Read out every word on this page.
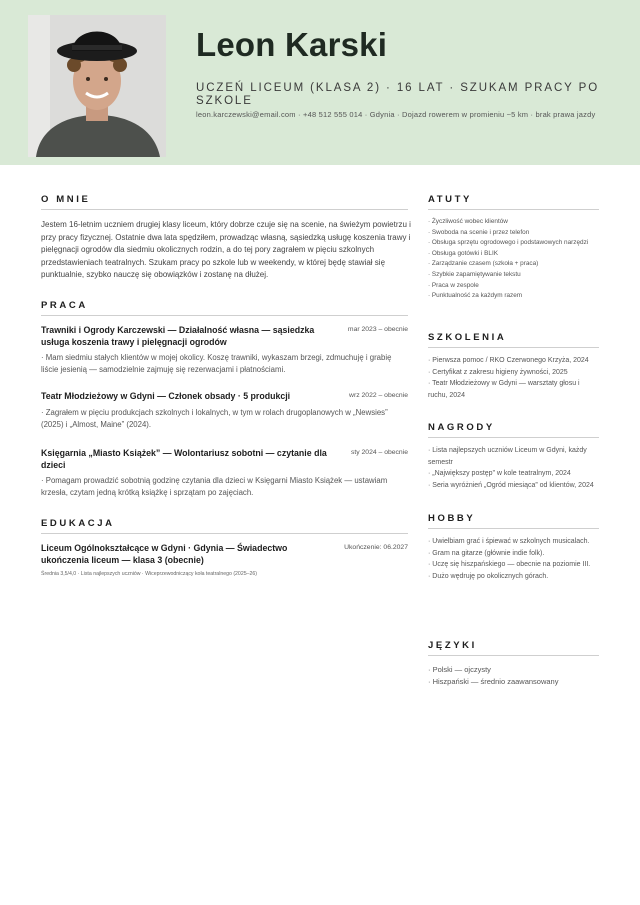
Leon Karski
UCZEŃ LICEUM (KLASA 2) · 16 LAT · SZUKAM PRACY PO SZKOLE
leon.karczewski@email.com · +48 512 555 014 · Gdynia · Dojazd rowerem w promieniu ~5 km · brak prawa jazdy
O MNIE
Jestem 16-letnim uczniem drugiej klasy liceum, który dobrze czuje się na scenie, na świeżym powietrzu i przy pracy fizycznej. Ostatnie dwa lata spędziłem, prowadząc własną, sąsiedzką usługę koszenia trawy i pielęgnacji ogrodów dla siedmiu okolicznych rodzin, a do tej pory zagrałem w pięciu szkolnych przedstawieniach teatralnych. Szukam pracy po szkole lub w weekendy, w której będę stawiał się punktualnie, szybko nauczę się obowiązków i zostanę na dłużej.
PRACA
Trawniki i Ogrody Karczewski — Działalność własna — sąsiedzka usługa koszenia trawy i pielęgnacji ogrodów
mar 2023 – obecnie
· Mam siedmiu stałych klientów w mojej okolicy. Koszę trawniki, wykaszam brzegi, zdmuchuję i grabię liście jesienią — samodzielnie zajmuję się rezerwacjami i płatnościami.
Teatr Młodzieżowy w Gdyni — Członek obsady · 5 produkcji	wrz 2022 – obecnie
· Zagrałem w pięciu produkcjach szkolnych i lokalnych, w tym w rolach drugoplanowych w „Newsies” (2025) i „Almost, Maine” (2024).
Księgarnia „Miasto Książek” — Wolontariusz sobotni — czytanie dla dzieci
sty 2024 – obecnie
· Pomagam prowadzić sobotnią godzinę czytania dla dzieci w Księgarni Miasto Książek — ustawiam krzesła, czytam jedną krótką książkę i sprzątam po zajęciach.
EDUKACJA
Liceum Ogólnokształcące w Gdyni · Gdynia — Świadectwo ukończenia liceum — klasa 3 (obecnie)
Ukończenie: 06.2027
Średnia 3,5/4,0 · Lista najlepszych uczniów · Wiceprzewodniczący koła teatralnego (2025–26)
ATUTY
· Życzliwość wobec klientów
· Swoboda na scenie i przez telefon
· Obsługa sprzętu ogrodowego i podstawowych narzędzi
· Obsługa gotówki i BLIK
· Zarządzanie czasem (szkoła + praca)
· Szybkie zapamiętywanie tekstu
· Praca w zespole
· Punktualność za każdym razem
SZKOLENIA
· Pierwsza pomoc / RKO Czerwonego Krzyża, 2024
· Certyfikat z zakresu higieny żywności, 2025
· Teatr Młodzieżowy w Gdyni — warsztaty głosu i ruchu, 2024
NAGRODY
· Lista najlepszych uczniów Liceum w Gdyni, każdy semestr
· „Największy postęp” w kole teatralnym, 2024
· Seria wyróżnień „Ogród miesiąca” od klientów, 2024
HOBBY
· Uwielbiam grać i śpiewać w szkolnych musicalach.
· Gram na gitarze (głównie indie folk).
· Uczę się hiszpańskiego — obecnie na poziomie III.
· Dużo wędruję po okolicznych górach.
JĘZYKI
· Polski — ojczysty
· Hiszpański — średnio zaawansowany
